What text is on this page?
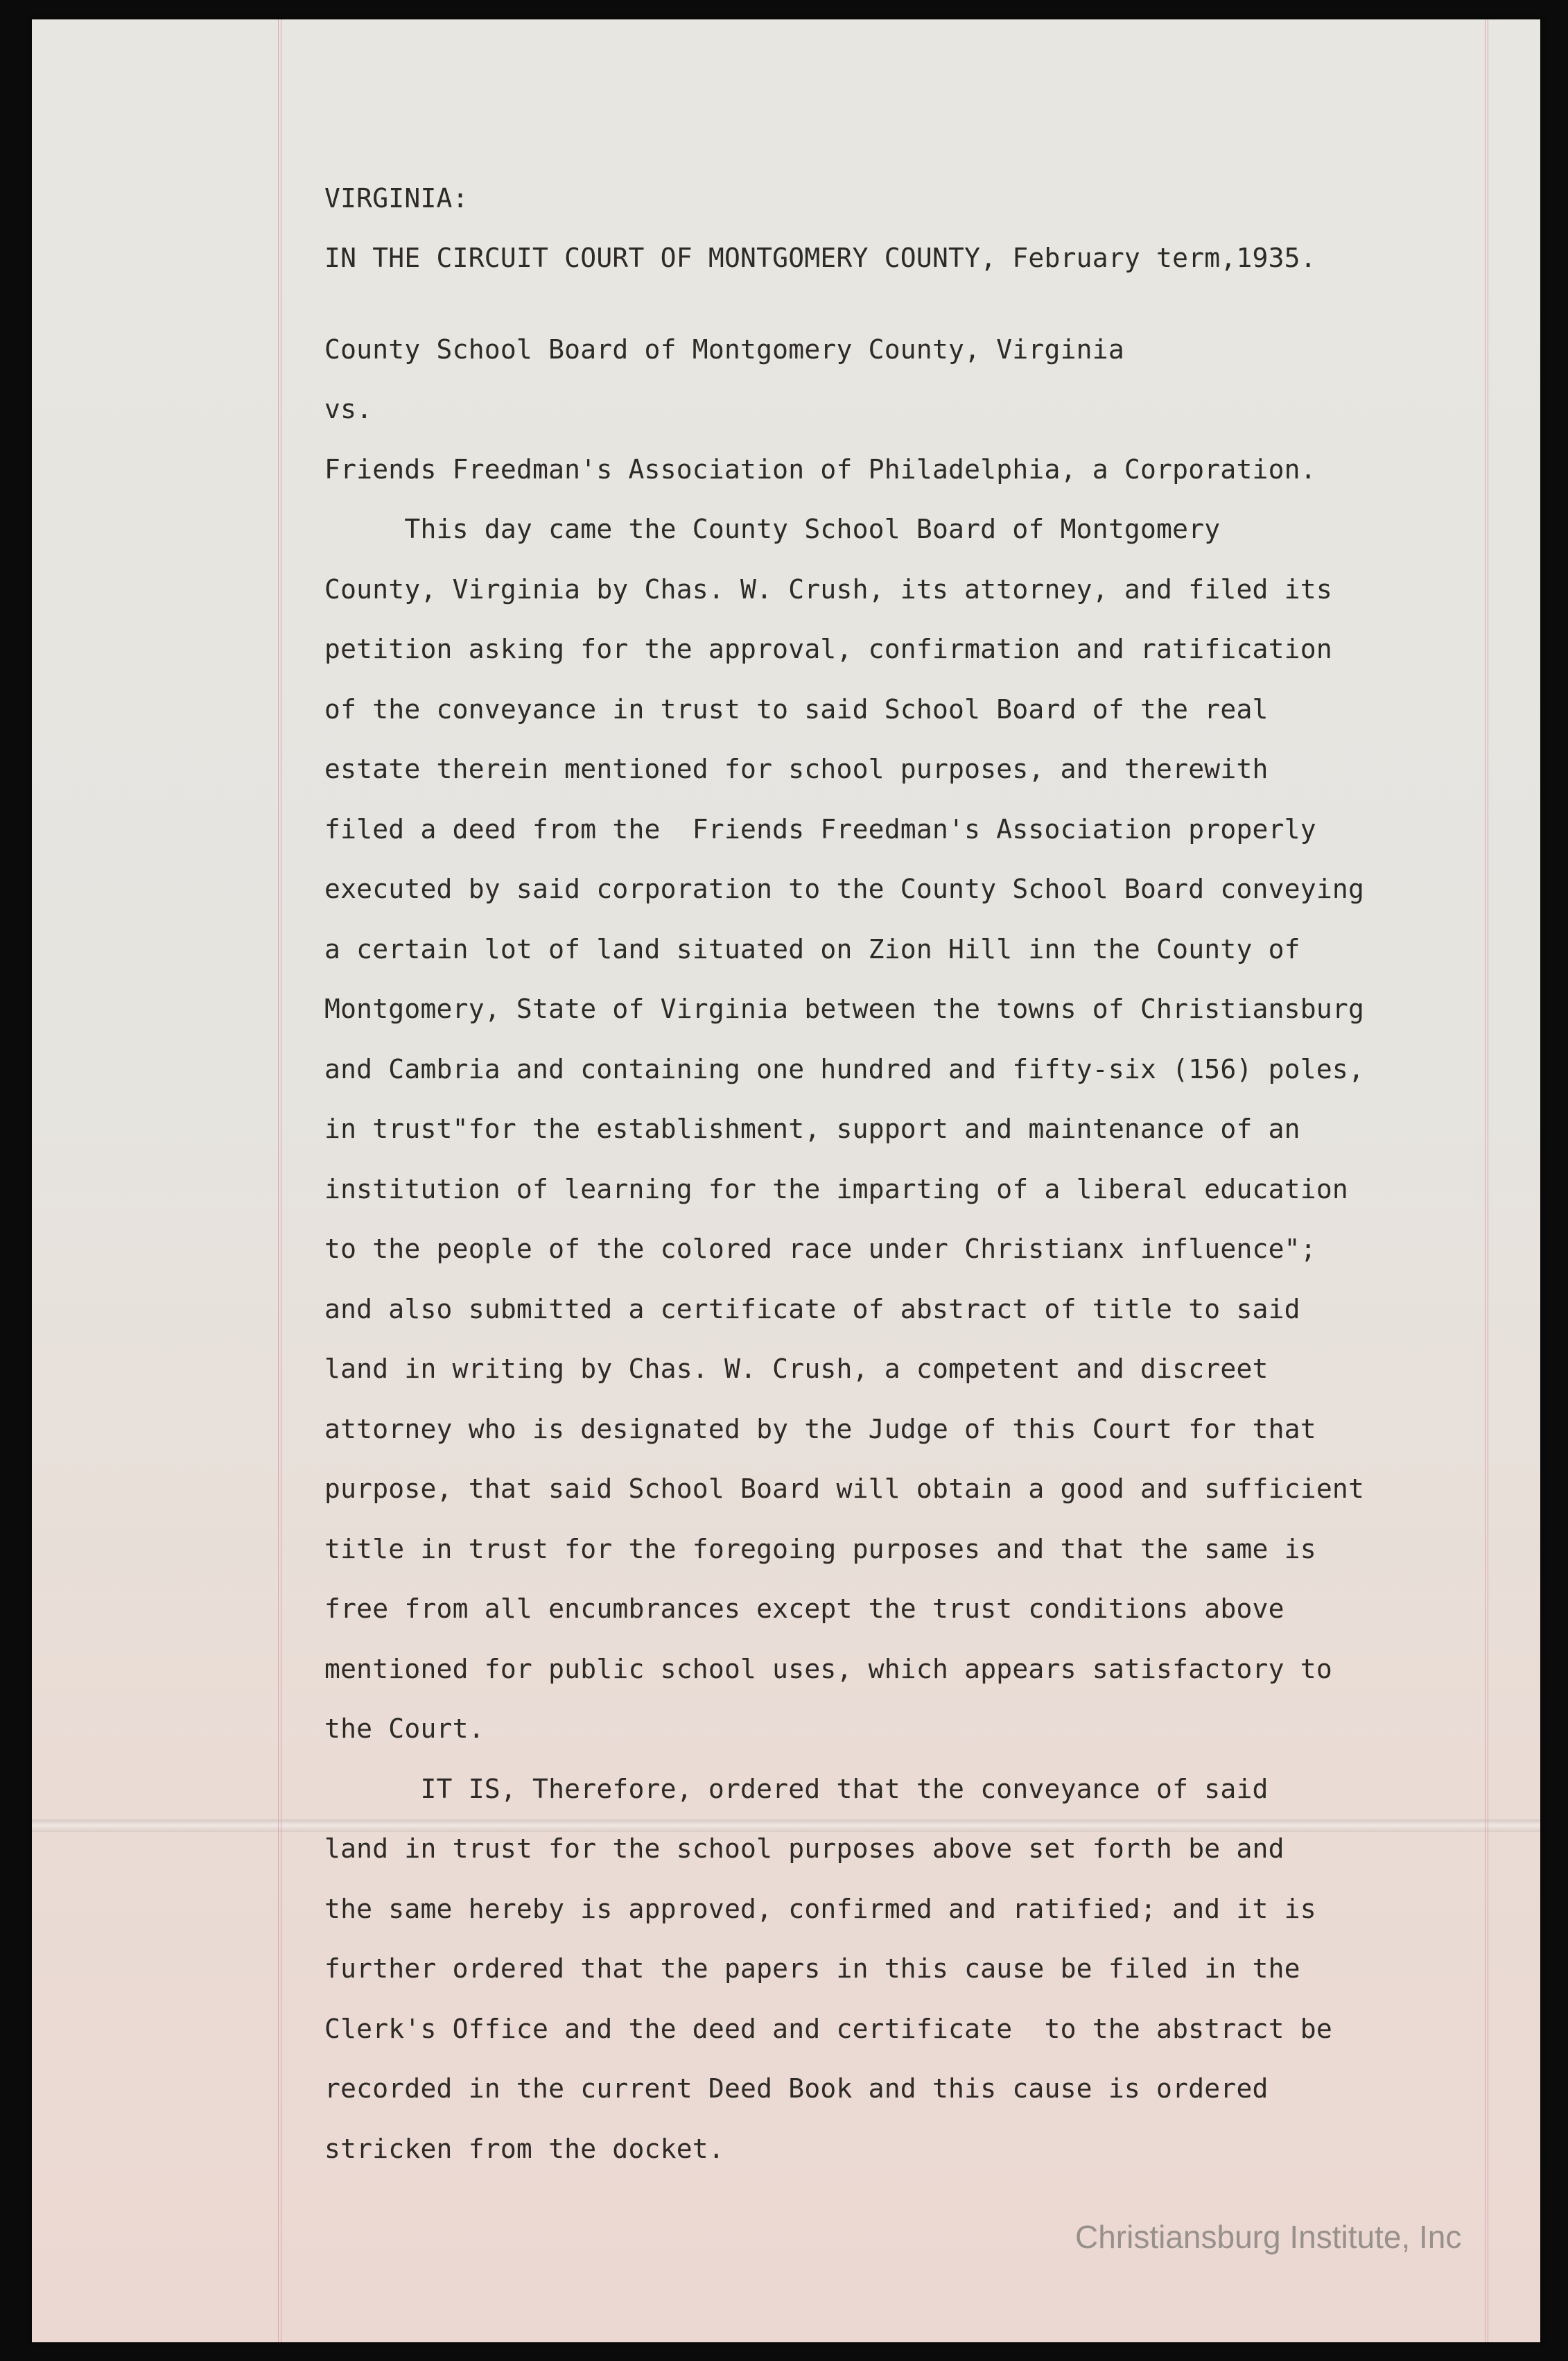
VIRGINIA:
IN THE CIRCUIT COURT OF MONTGOMERY COUNTY, February term,1935.
County School Board of Montgomery County, Virginia
vs.
Friends Freedman's Association of Philadelphia, a Corporation.
This day came the County School Board of Montgomery
County, Virginia by Chas. W. Crush, its attorney, and filed its
petition asking for the approval, confirmation and ratification
of the conveyance in trust to said School Board of the real
estate therein mentioned for school purposes, and therewith
filed a deed from the  Friends Freedman's Association properly
executed by said corporation to the County School Board conveying
a certain lot of land situated on Zion Hill inn the County of
Montgomery, State of Virginia between the towns of Christiansburg
and Cambria and containing one hundred and fifty-six (156) poles,
in trust"for the establishment, support and maintenance of an
institution of learning for the imparting of a liberal education
to the people of the colored race under Christianx influence";
and also submitted a certificate of abstract of title to said
land in writing by Chas. W. Crush, a competent and discreet
attorney who is designated by the Judge of this Court for that
purpose, that said School Board will obtain a good and sufficient
title in trust for the foregoing purposes and that the same is
free from all encumbrances except the trust conditions above
mentioned for public school uses, which appears satisfactory to
the Court.
IT IS, Therefore, ordered that the conveyance of said
land in trust for the school purposes above set forth be and
the same hereby is approved, confirmed and ratified; and it is
further ordered that the papers in this cause be filed in the
Clerk's Office and the deed and certificate  to the abstract be
recorded in the current Deed Book and this cause is ordered
stricken from the docket.
Christiansburg Institute, Inc
